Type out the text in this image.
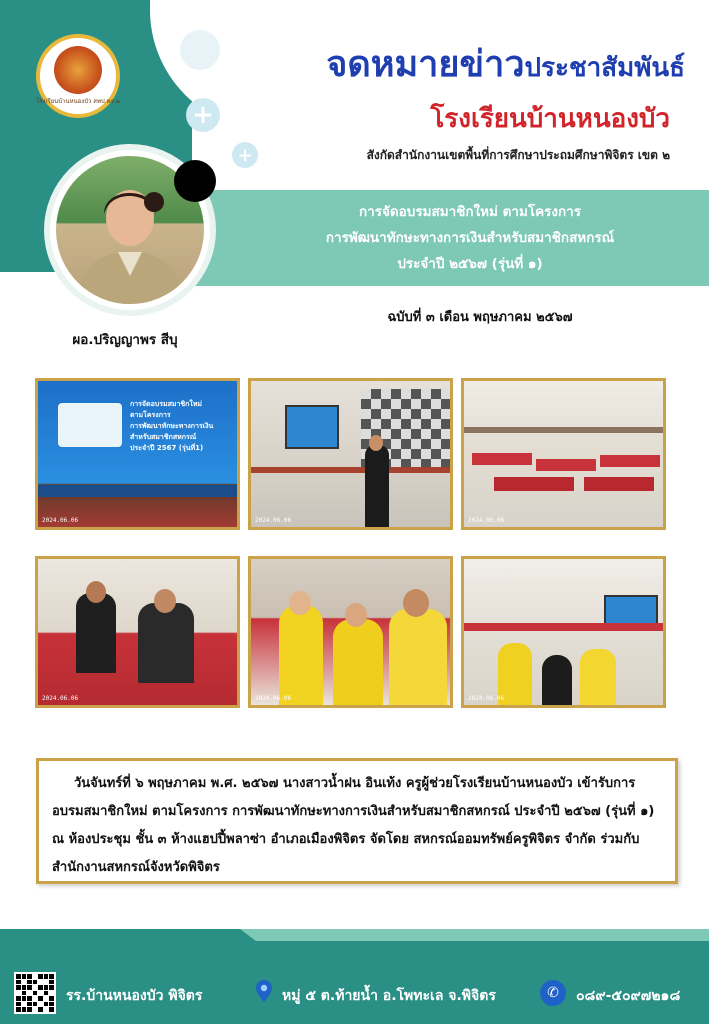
โรงเรียนบ้านหนองบัว สพป.พจ.๒	+
+
จดหมายข่าวประชาสัมพันธ์
โรงเรียนบ้านหนองบัว
สังกัดสำนักงานเขตพื้นที่การศึกษาประถมศึกษาพิจิตร เขต ๒
การจัดอบรมสมาชิกใหม่ ตามโครงการ
การพัฒนาทักษะทางการเงินสำหรับสมาชิกสหกรณ์
ประจำปี ๒๕๖๗ (รุ่นที่ ๑)
ผอ.ปริญญาพร สีบุ
ฉบับที่ ๓ เดือน พฤษภาคม ๒๕๖๗
การจัดอบรมสมาชิกใหม่
ตามโครงการ
การพัฒนาทักษะทางการเงิน
สำหรับสมาชิกสหกรณ์
ประจำปี 2567 (รุ่นที่1)
2024.06.06	2024.06.06	2024.06.06
2024.06.06	2024.06.06	2024.06.06
วันจันทร์ที่ ๖ พฤษภาคม พ.ศ. ๒๕๖๗ นางสาวน้ำฝน อินเท้ง ครูผู้ช่วยโรงเรียนบ้านหนองบัว เข้ารับการอบรมสมาชิกใหม่ ตามโครงการ การพัฒนาทักษะทางการเงินสำหรับสมาชิกสหกรณ์ ประจำปี ๒๕๖๗ (รุ่นที่ ๑) ณ ห้องประชุม ชั้น ๓ ห้างแฮปปี้พลาซ่า อำเภอเมืองพิจิตร จัดโดย สหกรณ์ออมทรัพย์ครูพิจิตร จำกัด ร่วมกับ สำนักงานสหกรณ์จังหวัดพิจิตร
รร.บ้านหนองบัว พิจิตร	หมู่ ๕ ต.ท้ายน้ำ อ.โพทะเล จ.พิจิตร	✆	๐๘๙-๕๐๙๗๒๑๘
